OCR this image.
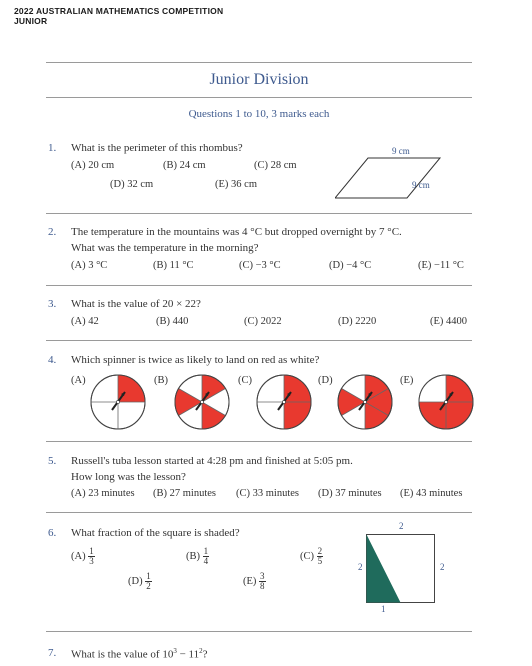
2022 AUSTRALIAN MATHEMATICS COMPETITION
JUNIOR
Junior Division
Questions 1 to 10, 3 marks each
1. What is the perimeter of this rhombus?
(A) 20 cm	(B) 24 cm	(C) 28 cm
(D) 32 cm	(E) 36 cm
9 cm
9 cm
2. The temperature in the mountains was 4 °C but dropped overnight by 7 °C.
What was the temperature in the morning?
(A) 3 °C	(B) 11 °C	(C) −3 °C	(D) −4 °C	(E) −11 °C
3. What is the value of 20 × 22?
(A) 42	(B) 440	(C) 2022	(D) 2220	(E) 4400
4. Which spinner is twice as likely to land on red as white?
(A)	(B)	(C)	(D)	(E)
5. Russell's tuba lesson started at 4:28 pm and finished at 5:05 pm.
How long was the lesson?
(A) 23 minutes (B) 27 minutes (C) 33 minutes (D) 37 minutes (E) 43 minutes
6. What fraction of the square is shaded?
$(A) \frac{1}{3}$	$(B) \frac{1}{4}$	$(C) \frac{2}{5}$
$(D) \frac{1}{2}$	$(E) \frac{3}{8}$
2
2	2
1
7. What is the value of $10^3 - 11^2$?
